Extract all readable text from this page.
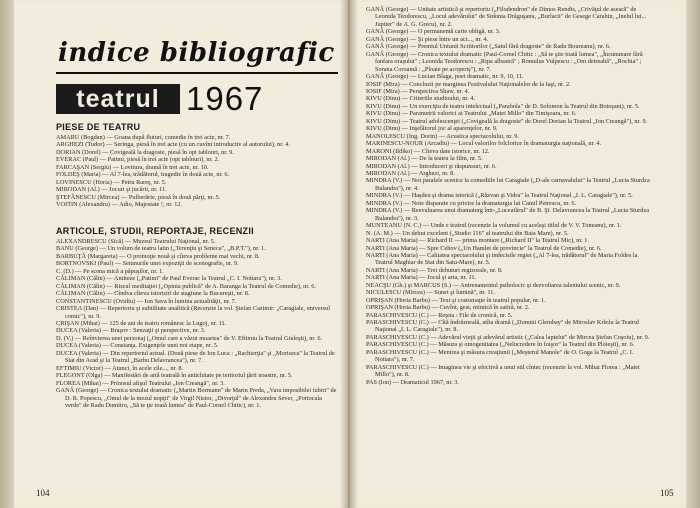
indice bibliografic
teatrul 1967
PIESE DE TEATRU

AMARU (Bogdan) — Goana după fluturi, comedie în trei acte, nr. 7.

ARGHEZI (Tudor) — Seringa, piesă în trei acte (cu un cuvînt introductiv al autorului), nr. 4.

DORIAN (Dorel) — Covigeală la dragoste, piesă în opt tablouri, nr. 9.

EVERAC (Paul) — Patimi, piesă în trei acte (opt tablouri), nr. 2.

FARCAŞAN (Sergiu) — Lovitura, dramă în trei acte, nr. 10.

FOLDEŞ (Maria) — Al 7-lea, trădătorul, tragedie în două acte, nr. 6.

LOVINESCU (Horia) — Petru Rareş, nr. 5.

MIRODAN (Al.) — Jocuri şi jucării, nr. 11.

ŞTEFĂNESCU (Mircea) — Pulberărie, piesă în două părţi, nr. 5.

VOITIN (Alexandru) — Adio, Majestate !, nr. 12.

ARTICOLE, STUDII, REPORTAJE, RECENZII

ALEXANDRESCU (Sică) — Muzeul Teatrului Naţional, nr. 5.

BANU (George) — Un volum de teatru latin („Terenţiu şi Seneca", „B.P.T."), nr. 1.

BARBUŢĂ (Margareta) — O promoţie nouă şi cîteva probleme mai vechi, nr. 8.

BORTNOVSKI (Paul) — Semnurile unei expoziţii de scenografie, nr. 9.

C. (D.) — Pe scena mică a păpuşilor, nr. 1.

CĂLIMAN (Călin) — Antiteze („Patimi" de Paul Everac la Teatrul „C. I. Nottara"), nr. 3.

CĂLIMAN (Călin) — Riscul meditaţiei („Opinia publică" de A. Baranga la Teatrul de Comedie), nr. 6.

CĂLIMAN (Călin) — Cîndva cîteva istorisiri de stagiune la Bucureşti, nr. 8.

CONSTANTINESCU (Ovidiu) — Ion Sava în lumina actualităţii, nr. 7.

CRISTEA (Dan) — Repertoriu şi subtilitate analitică (Recenzie la vol. Ştefan Cazimir: „Caragiale, universul comic"), nr. 9.

CRIŞAN (Mihai) — 125 de ani de teatru românesc la Lugoj, nr. 11.

DUCEA (Valeria) — Braşov : Senzaţii şi perspective, nr. 3.

D. (V.) — Reînvierea unei personaj („Omul care a văzut moartea" de V. Eftimiu la Teatrul Giuleşti), nr. 6.

DUCEA (Valeria) — Constanţa. Exigenţele unei noi etape, nr. 5.

DUCEA (Valeria) — Din repertoriul actual. (Două piese de Ion Luca : „Rachierţia" şi „Moriseca" la Teatrul de Stat din Arad şi la Teatrul „Barbu Delavrancea"), nr. 7.

EFTIMIU (Victor) — Atunci, în acele zile..., nr. 8.

FLEGONT (Olga) — Manifestări de artă teatrală în antichitate pe teritoriul ţării noastre, nr. 5.

FLOREA (Mihai) — Prinosul afişul Teatrului „Ion Creangă", nr. 3.

GANĂ (George) — Cronica textului dramatic („Martin Bormann" de Marin Preda, „Vara imposibilei iubiri" de D. R. Popescu, „Omul de la mezul nopţii" de Virgil Nistor, „Divorţul" de Alexandru Sever, „Portocala verde" de Radu Dumitru, „Să te ţie toată lumea" de Paul-Cornel Chitic), nr. 1.

104

GANĂ (George) — Unitate artistică şi repertoriu („Filodendron" de Dimos Rendis, „Crivăţul de aseară" de Leonida Teodorescu, „Locul adevărului" de Sidonia Drăguşanu, „Burlacii" de Gesege Carabin, „Inelul lui... Jupiter" de A. G. Grecu), nr. 2.

GANĂ (George) — O permanentă carte obligă, nr. 3.

GANĂ (George) — Şi piese între un act..., nr. 4.

GANĂ (George) — Premiul Uniunii Scriitorilor („Satul fără dragoste" de Radu Boureanu), nr. 6.

GANĂ (George) — Cronica textului dramatic (Paul-Cornel Chitic : „Să te ştie toată lumea", „Încununare fără fanfara oraşului" ; Leonida Teodorescu : „Ripa albastră" ; Romulus Vulpescu : „Om detreabă", „Rochia" ; Sorana Coroamă : „Ploaie pe acoperiş"), nr. 7.

GANĂ (George) — Lucian Blaga, poet dramatic, nr. 9, 10, 11.

IOSIF (Mira) — Concluzii pe marginea Festivalului Naţionalelor de la Iaşi, nr. 2.

IOSIF (Mira) — Perspectiva Shaw, nr. 4.

KIVU (Dinu) — Criteriile studioului, nr. 4.

KIVU (Dinu) — Un exerciţiu de teatru intelectual („Parabola" de D. Solomon la Teatrul din Botoşani), nr. 5.

KIVU (Dinu) — Parametrii valorici ai Teatrului „Matei Millo" din Timişoara, nr. 6.

KIVU (Dinu) — Teatrul adolescenţei („Covigeală la dragoste" de Dorel Dorian la Teatrul „Ion Creangă"), nr. 9.

KIVU (Dinu) — Inşelătorul joc al aparenţelor, nr. 9.

MANOLESCU (Ing. Dorin) — Acustica spectacolului, nr. 9.

MARINESCU-NOUR (Arcadiu) — Locul valorilor folclorice în dramaturgia naţională, nr. 4.

MARONI (Ildiko) — Cîteva date istorice, nr. 12.

MIRODAN (Al.) — De la teatru la film, nr. 5.

MIRODAN (Al.) — Introduceri şi răspunsuri, nr. 6.

MIRODAN (Al.) — Arghezi, nr. 8.

MINDRA (V.) — Noi paralele scenice la comediile lui Caragiale („D-ale carnavalului" la Teatrul „Lucia Sturdza Bulandra"), nr. 4.

MINDRA (V.) — Haşdeu şi drama istorică („Răzvan şi Vidra" la Teatrul Naţional „I. L. Caragiale"), nr. 5.

MINDRA (V.) — Note disparate cu privire la dramaturgia lui Camil Petrescu, nr. 6.

MINDRA (V.) — Reevaluarea unui dramaturg într-„Luceafărul" de B. Şt. Delavrancea la Teatrul „Lucia Sturdza Bulandra"), nr. 3.

MUNTEANU (N. C.) — Unde e teatrul (recenzie la volumul cu acelaşi titlul de V. V. Toneanu), nr. 1.

N. (A. M.) — Un debut excelent („Studio 116" al teatrului din Baia Mare), nr. 5.

NARTI (Ana Maria) — Richard II — prima montare („Richard II" la Teatrul Mic), nr. 1.

NARTI (Ana Maria) — Spre Cehov („Un Hamlet de provincie" la Teatrul de Comedie), nr. 6.

NARTI (Ana Maria) — Calitatea spectacolului şi indecisile regiei („Al 7-lea, trădătorul" de Maria Foldes la Teatrul Maghiar de Stat din Satu-Mare), nr. 5.

NARTI (Ana Maria) — Trei debuturi regizorale, nr. 8.

NARTI (Ana Maria) — Jocul şi arta, nr. 11.

NEACŞU (Gh.) şi MARCUS (S.) — Antrenamentul psiholocic şi dezvoltarea talentului scenic, nr. 9.

NICULESCU (Mircea) — Sunet şi lumină", nr. 11.

OPRIŞAN (Horia Barbu) — Text şi costumaţie în teatrul popular, nr. 1.

OPRIŞAN (Horia Barbu) — Cuvînt, gest, mimică în satiră, nr. 2.

PARASCHIVESCU (C.) — Reţeta : File de cronică, nr. 5.

PARASCHIVESCU (C.) — Cîtă îndrăzneală, atîta dramă („Domnii Glembay" de Miroslav Krleža la Teatrul Naţional „I. L. Caragiale"), nr. 8.

PARASCHIVESCU (C.) — Adevărul vieţii şi adevărul artistic („Calea laptelui" de Mircea Ştefan Coşoiu), nr. 9.

PARASCHIVESCU (C.) — Măsura şi omogenitatea („Nelucredere în foişor" la Teatrul din Ploieşti), nr. 6.

PARASCHIVESCU (C.) — Menirea şi măsura creaţiunii („Meşterul Manole" de O. Goga la Teatrul „C. I. Nottara"), nr. 7.

PARASCHIVESCU (C.) — Imaginea vie şi efectivă a unui stil cîntec (recenzie la vol. Mihai Florea : „Matei Millo"), nr. 8.

PAS (Ion) — Dramaticul 1967, nr. 3.

105
